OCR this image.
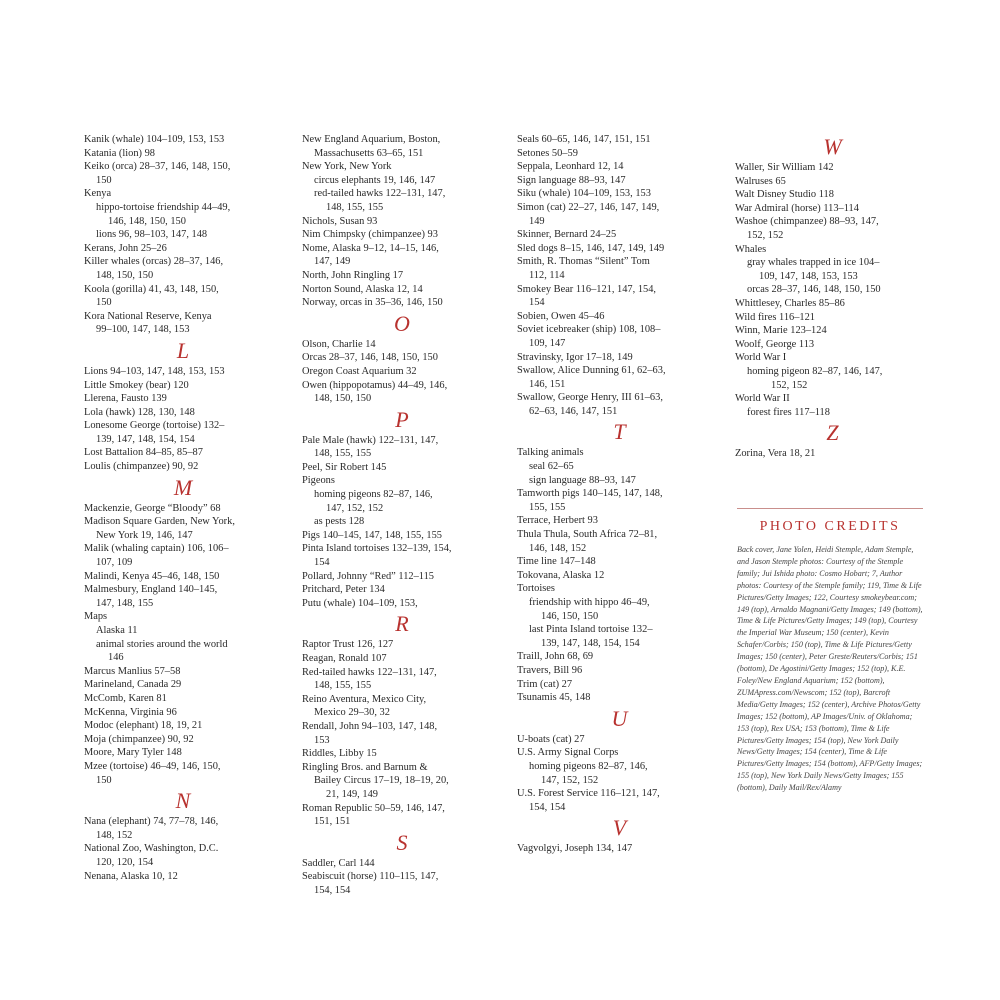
Kanik (whale) 104–109, 153, 153
Katania (lion) 98
Keiko (orca) 28–37, 146, 148, 150,
150
Kenya
hippo-tortoise friendship 44–49,
146, 148, 150, 150
lions 96, 98–103, 147, 148
Kerans, John 25–26
Killer whales (orcas) 28–37, 146,
148, 150, 150
Koola (gorilla) 41, 43, 148, 150,
150
Kora National Reserve, Kenya
99–100, 147, 148, 153
L
Lions 94–103, 147, 148, 153, 153
Little Smokey (bear) 120
Llerena, Fausto 139
Lola (hawk) 128, 130, 148
Lonesome George (tortoise) 132–
139, 147, 148, 154, 154
Lost Battalion 84–85, 85–87
Loulis (chimpanzee) 90, 92
M
Mackenzie, George “Bloody” 68
Madison Square Garden, New York,
New York 19, 146, 147
Malik (whaling captain) 106, 106–
107, 109
Malindi, Kenya 45–46, 148, 150
Malmesbury, England 140–145,
147, 148, 155
Maps
Alaska 11
animal stories around the world
146
Marcus Manlius 57–58
Marineland, Canada 29
McComb, Karen 81
McKenna, Virginia 96
Modoc (elephant) 18, 19, 21
Moja (chimpanzee) 90, 92
Moore, Mary Tyler 148
Mzee (tortoise) 46–49, 146, 150,
150
N
Nana (elephant) 74, 77–78, 146,
148, 152
National Zoo, Washington, D.C.
120, 120, 154
Nenana, Alaska 10, 12
New England Aquarium, Boston,
Massachusetts 63–65, 151
New York, New York
circus elephants 19, 146, 147
red-tailed hawks 122–131, 147,
148, 155, 155
Nichols, Susan 93
Nim Chimpsky (chimpanzee) 93
Nome, Alaska 9–12, 14–15, 146,
147, 149
North, John Ringling 17
Norton Sound, Alaska 12, 14
Norway, orcas in 35–36, 146, 150
O
Olson, Charlie 14
Orcas 28–37, 146, 148, 150, 150
Oregon Coast Aquarium 32
Owen (hippopotamus) 44–49, 146,
148, 150, 150
P
Pale Male (hawk) 122–131, 147,
148, 155, 155
Peel, Sir Robert 145
Pigeons
homing pigeons 82–87, 146,
147, 152, 152
as pests 128
Pigs 140–145, 147, 148, 155, 155
Pinta Island tortoises 132–139, 154,
154
Pollard, Johnny “Red” 112–115
Pritchard, Peter 134
Putu (whale) 104–109, 153,
R
Raptor Trust 126, 127
Reagan, Ronald 107
Red-tailed hawks 122–131, 147,
148, 155, 155
Reino Aventura, Mexico City,
Mexico 29–30, 32
Rendall, John 94–103, 147, 148,
153
Riddles, Libby 15
Ringling Bros. and Barnum &
Bailey Circus 17–19, 18–19, 20,
21, 149, 149
Roman Republic 50–59, 146, 147,
151, 151
S
Saddler, Carl 144
Seabiscuit (horse) 110–115, 147,
154, 154
Seals 60–65, 146, 147, 151, 151
Setones 50–59
Seppala, Leonhard 12, 14
Sign language 88–93, 147
Siku (whale) 104–109, 153, 153
Simon (cat) 22–27, 146, 147, 149,
149
Skinner, Bernard 24–25
Sled dogs 8–15, 146, 147, 149, 149
Smith, R. Thomas “Silent” Tom
112, 114
Smokey Bear 116–121, 147, 154,
154
Sobien, Owen 45–46
Soviet icebreaker (ship) 108, 108–
109, 147
Stravinsky, Igor 17–18, 149
Swallow, Alice Dunning 61, 62–63,
146, 151
Swallow, George Henry, III 61–63,
62–63, 146, 147, 151
T
Talking animals
seal 62–65
sign language 88–93, 147
Tamworth pigs 140–145, 147, 148,
155, 155
Terrace, Herbert 93
Thula Thula, South Africa 72–81,
146, 148, 152
Time line 147–148
Tokovana, Alaska 12
Tortoises
friendship with hippo 46–49,
146, 150, 150
last Pinta Island tortoise 132–
139, 147, 148, 154, 154
Traill, John 68, 69
Travers, Bill 96
Trim (cat) 27
Tsunamis 45, 148
U
U-boats (cat) 27
U.S. Army Signal Corps
homing pigeons 82–87, 146,
147, 152, 152
U.S. Forest Service 116–121, 147,
154, 154
V
Vagvolgyi, Joseph 134, 147
W
Waller, Sir William 142
Walruses 65
Walt Disney Studio 118
War Admiral (horse) 113–114
Washoe (chimpanzee) 88–93, 147,
152, 152
Whales
gray whales trapped in ice 104–
109, 147, 148, 153, 153
orcas 28–37, 146, 148, 150, 150
Whittlesey, Charles 85–86
Wild fires 116–121
Winn, Marie 123–124
Woolf, George 113
World War I
homing pigeon 82–87, 146, 147,
152, 152
World War II
forest fires 117–118
Z
Zorina, Vera 18, 21
PHOTO CREDITS

Back cover, Jane Yolen, Heidi Stemple, Adam Stemple, and Jason Stemple photos: Courtesy of the Stemple family; Jui Ishida photo: Cosmo Hobart; 7, Author photos: Courtesy of the Stemple family; 119, Time & Life Pictures/Getty Images; 122, Courtesy smokeybear.com; 149 (top), Arnaldo Magnani/Getty Images; 149 (bottom), Time & Life Pictures/Getty Images; 149 (top), Courtesy the Imperial War Museum; 150 (center), Kevin Schafer/Corbis; 150 (top), Time & Life Pictures/Getty Images; 150 (center), Peter Greste/Reuters/Corbis; 151 (bottom), De Agostini/Getty Images; 152 (top), K.E. Foley/New England Aquarium; 152 (bottom), ZUMApress.com/Newscom; 152 (top), Barcroft Media/Getty Images; 152 (center), Archive Photos/Getty Images; 152 (bottom), AP Images/Univ. of Oklahoma; 153 (top), Rex USA; 153 (bottom), Time & Life Pictures/Getty Images; 154 (top), New York Daily News/Getty Images; 154 (center), Time & Life Pictures/Getty Images; 154 (bottom), AFP/Getty Images; 155 (top), New York Daily News/Getty Images; 155 (bottom), Daily Mail/Rex/Alamy
